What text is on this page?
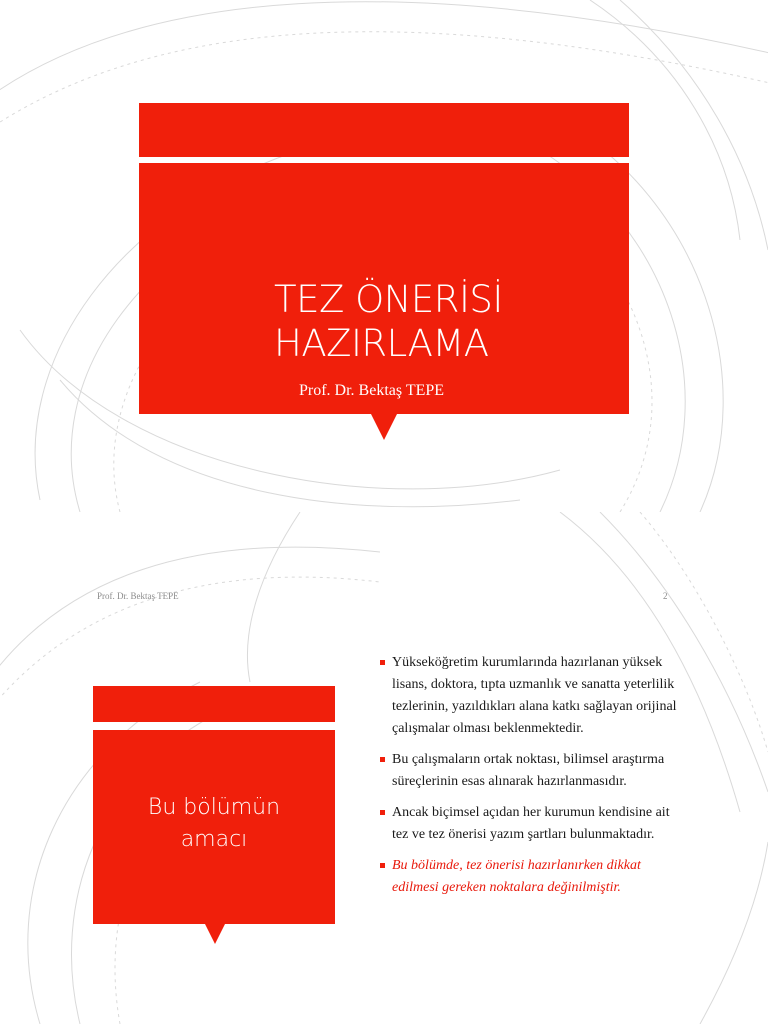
TEZ ÖNERİSİ
HAZIRLAMA
Prof. Dr. Bektaş TEPE
Prof. Dr. Bektaş TEPE	2
Bu bölümün
amacı
Yükseköğretim kurumlarında hazırlanan yüksek lisans, doktora, tıpta uzmanlık ve sanatta yeterlilik tezlerinin, yazıldıkları alana katkı sağlayan orijinal çalışmalar olması beklenmektedir.
Bu çalışmaların ortak noktası, bilimsel araştırma süreçlerinin esas alınarak hazırlanmasıdır.
Ancak biçimsel açıdan her kurumun kendisine ait tez ve tez önerisi yazım şartları bulunmaktadır.
Bu bölümde, tez önerisi hazırlanırken dikkat edilmesi gereken noktalara değinilmiştir.
